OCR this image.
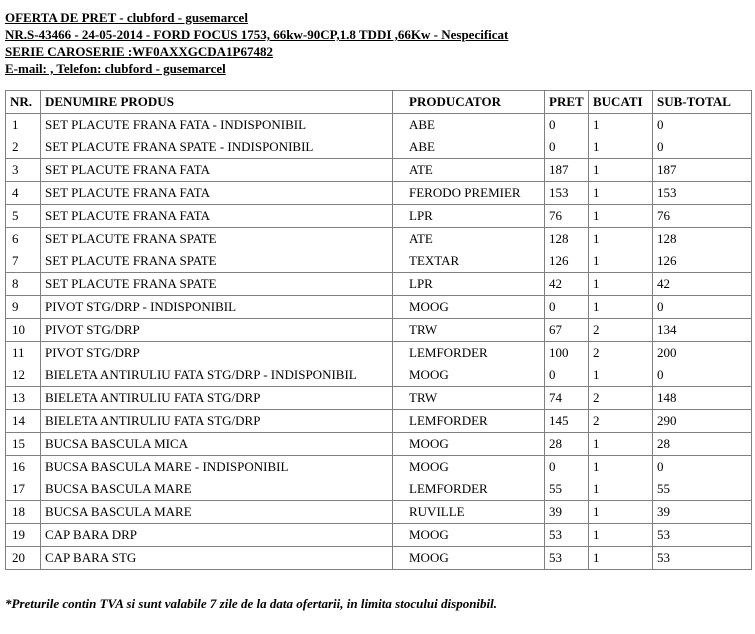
OFERTA DE PRET - clubford - gusemarcel
NR.S-43466 - 24-05-2014 - FORD FOCUS 1753, 66kw-90CP,1.8 TDDI ,66Kw - Nespecificat
SERIE CAROSERIE :WF0AXXGCDA1P67482
E-mail: , Telefon: clubford - gusemarcel
NR.	DENUMIRE PRODUS	PRODUCATOR	PRET	BUCATI	SUB-TOTAL
1	SET PLACUTE FRANA FATA - INDISPONIBIL	ABE	0	1	0
2	SET PLACUTE FRANA SPATE - INDISPONIBIL	ABE	0	1	0
3	SET PLACUTE FRANA FATA	ATE	187	1	187
4	SET PLACUTE FRANA FATA	FERODO PREMIER	153	1	153
5	SET PLACUTE FRANA FATA	LPR	76	1	76
6	SET PLACUTE FRANA SPATE	ATE	128	1	128
7	SET PLACUTE FRANA SPATE	TEXTAR	126	1	126
8	SET PLACUTE FRANA SPATE	LPR	42	1	42
9	PIVOT STG/DRP - INDISPONIBIL	MOOG	0	1	0
10	PIVOT STG/DRP	TRW	67	2	134
11	PIVOT STG/DRP	LEMFORDER	100	2	200
12	BIELETA ANTIRULIU FATA STG/DRP - INDISPONIBIL	MOOG	0	1	0
13	BIELETA ANTIRULIU FATA STG/DRP	TRW	74	2	148
14	BIELETA ANTIRULIU FATA STG/DRP	LEMFORDER	145	2	290
15	BUCSA BASCULA MICA	MOOG	28	1	28
16	BUCSA BASCULA MARE - INDISPONIBIL	MOOG	0	1	0
17	BUCSA BASCULA MARE	LEMFORDER	55	1	55
18	BUCSA BASCULA MARE	RUVILLE	39	1	39
19	CAP BARA DRP	MOOG	53	1	53
20	CAP BARA STG	MOOG	53	1	53
*Preturile contin TVA si sunt valabile 7 zile de la data ofertarii, in limita stocului disponibil.
